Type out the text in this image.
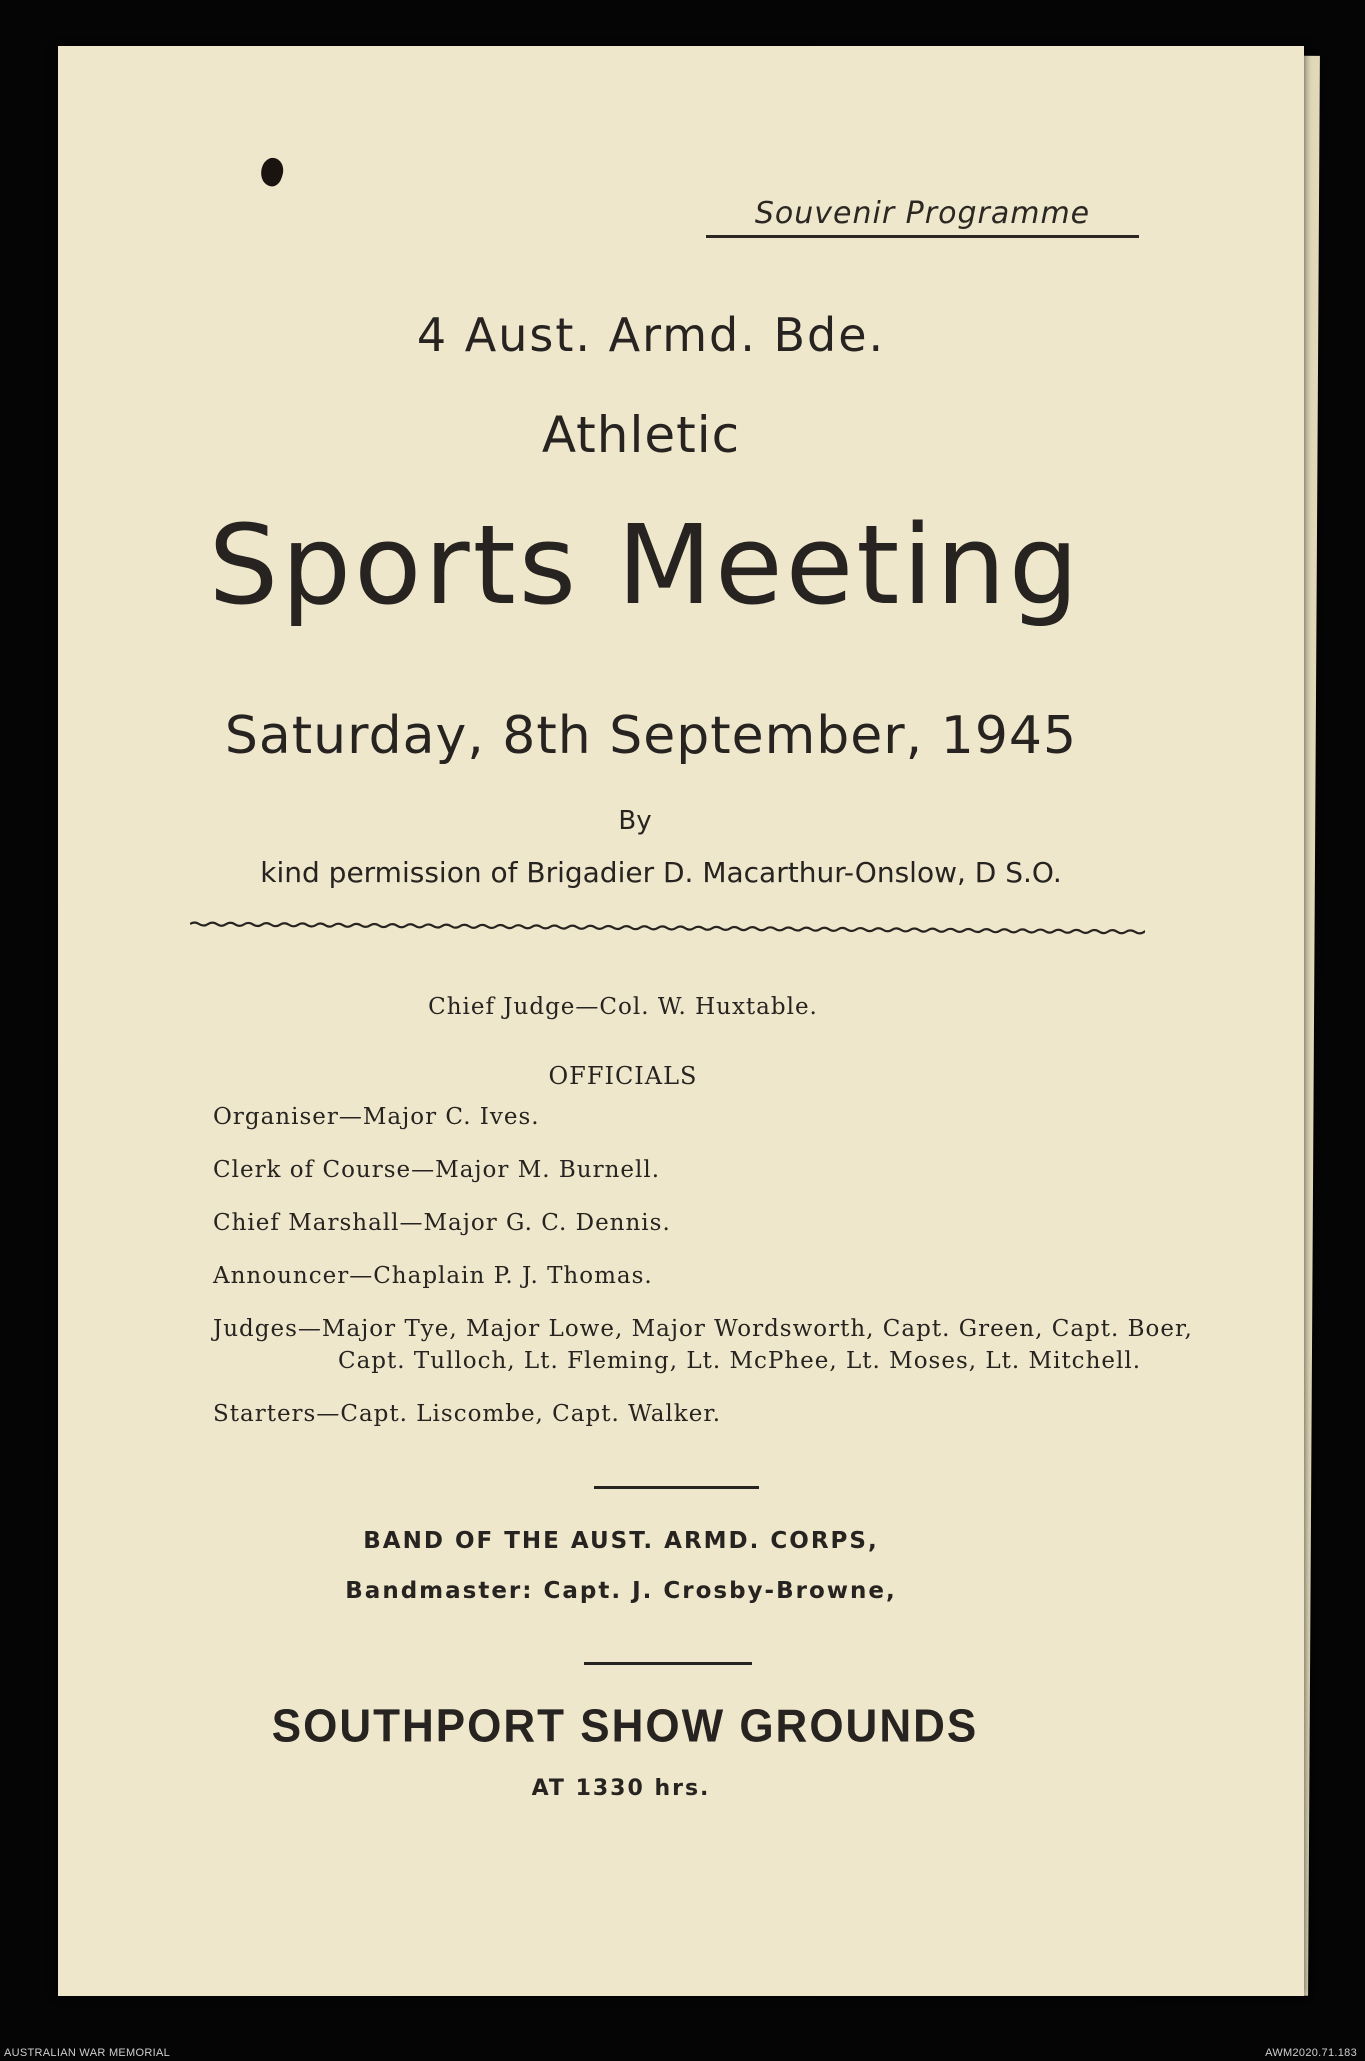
Souvenir Programme
4 Aust. Armd. Bde.
Athletic
Sports Meeting
Saturday, 8th September, 1945
By
kind permission of Brigadier D. Macarthur-Onslow, D S.O.
Chief Judge—Col. W. Huxtable.
OFFICIALS
Organiser—Major C. Ives.
Clerk of Course—Major M. Burnell.
Chief Marshall—Major G. C. Dennis.
Announcer—Chaplain P. J. Thomas.
Judges—Major Tye, Major Lowe, Major Wordsworth, Capt. Green, Capt. Boer, Capt. Tulloch, Lt. Fleming, Lt. McPhee, Lt. Moses, Lt. Mitchell.
Starters—Capt. Liscombe, Capt. Walker.
BAND OF THE AUST. ARMD. CORPS,
Bandmaster: Capt. J. Crosby-Browne,
SOUTHPORT SHOW GROUNDS
AT 1330 hrs.
AUSTRALIAN WAR MEMORIAL	AWM2020.71.183
